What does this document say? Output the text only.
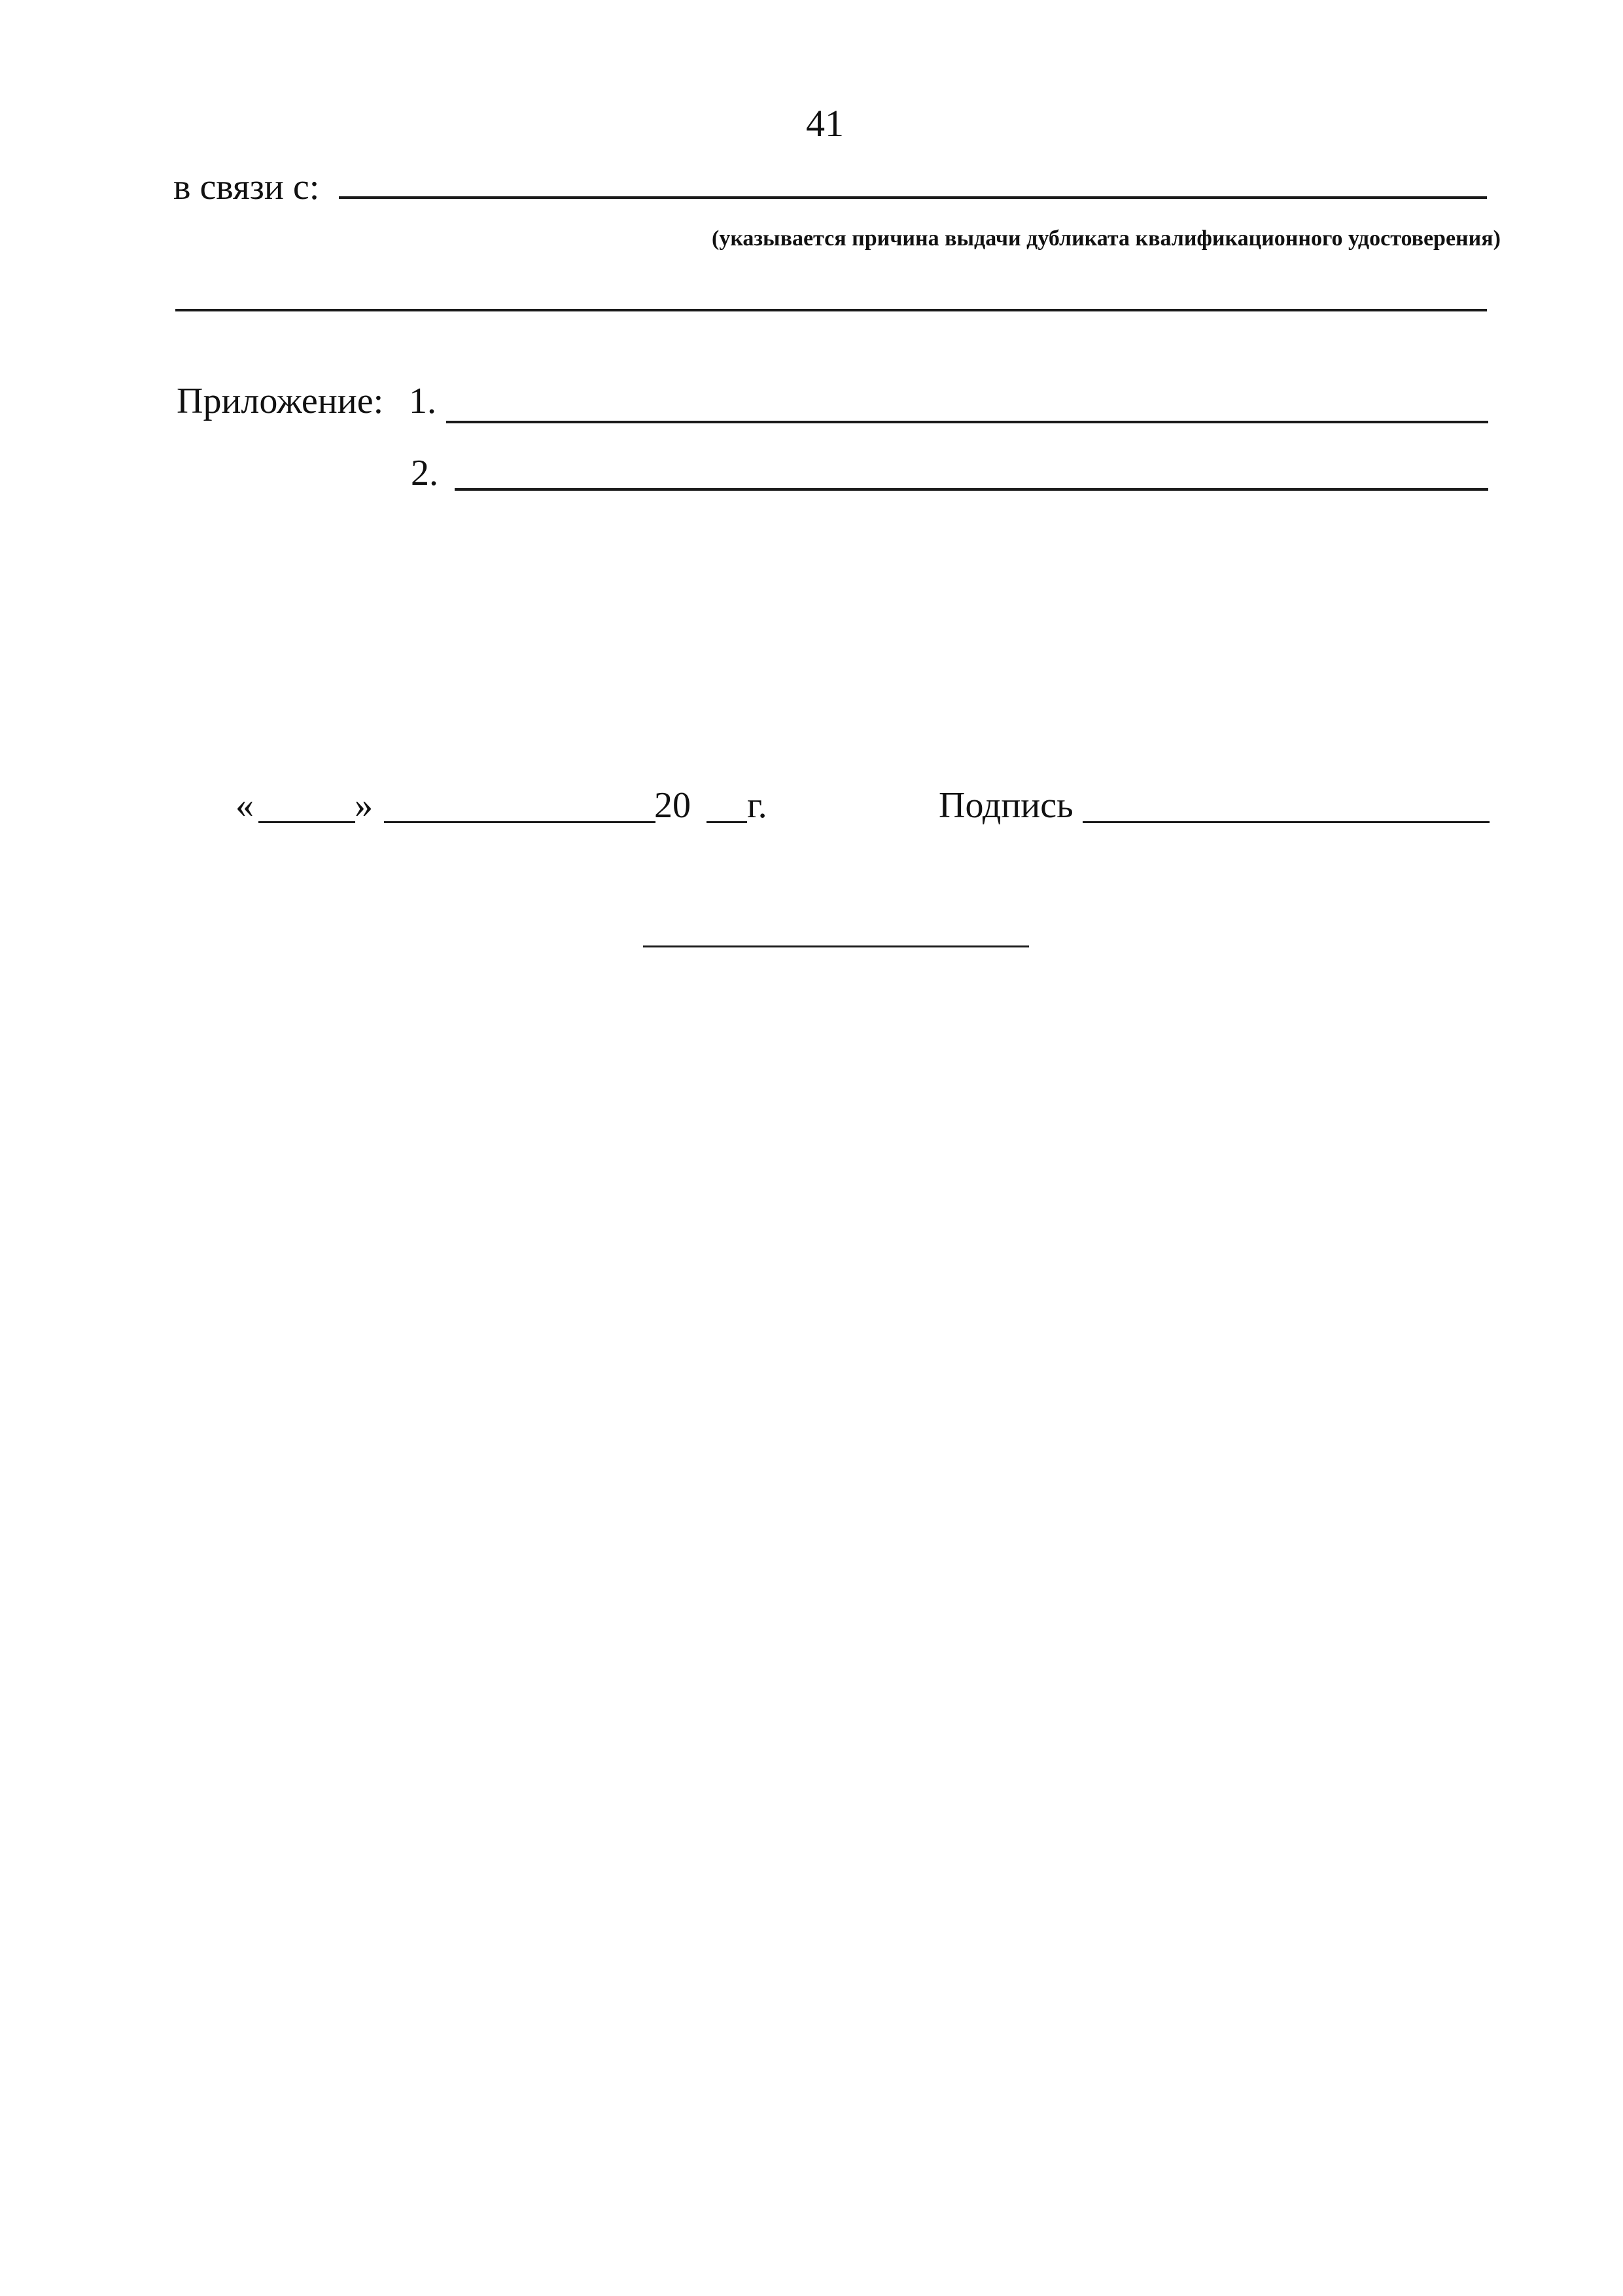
41
в связи с:
(указывается причина выдачи дубликата квалификационного удостоверения)
Приложение: 1.
2.
«	»	20 г.	Подпись
